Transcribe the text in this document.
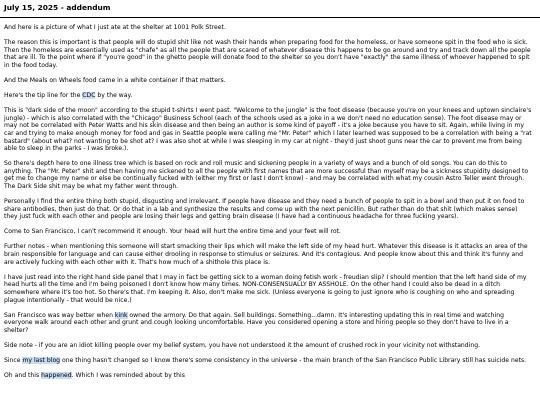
July 15, 2025 - addendum

And here is a picture of what I just ate at the shelter at 1001 Polk Street.

The reason this is important is that people will do stupid shit like not wash their hands when preparing food for the homeless, or have someone spit in the food who is sick. Then the homeless are essentially used as "chafe" as all the people that are scared of whatever disease this happens to be go around and try and track down all the people that are ill. To the point where if "you're good" in the ghetto people will donate food to the shelter so you don't have "exactly" the same illness of whoever happened to spit in the food today.

And the Meals on Wheels food came in a white container if that matters.

Here's the tip line for the CDC by the way.

This is "dark side of the moon" according to the stupid t-shirts I went past. "Welcome to the jungle" is the foot disease (because you're on your knees and uptown sinclaire's jungle) - which is also correlated with the "Chicago" Business School (each of the schools used as a joke in a we don't need no education sense). The foot disease may or may not be correlated with Peter Watts and his skin disease and then being an author is some kind of payoff - it's a joke because you have to sit. Again, while living in my car and trying to make enough money for food and gas in Seattle people were calling me "Mr. Peter" which I later learned was supposed to be a correlation with being a "rat bastard" (about what? not wanting to be shot at? I was also shot at while I was sleeping in my car at night - they'd just shoot guns near the car to prevent me from being able to sleep in the parks - I was broke.).

So there's depth here to one illness tree which is based on rock and roll music and sickening people in a variety of ways and a bunch of old songs. You can do this to anything. The "Mr. Peter" shit and then having me sickened to all the people with first names that are more successful than myself may be a sickness stupidity designed to get me to change my name or else be continually fucked with (either my first or last I don't know) - and may be correlated with what my cousin Astro Teller went through. The Dark Side shit may be what my father went through.

Personally I find the entire thing both stupid, disgusting and irrelevant. If people have disease and they need a bunch of people to spit in a bowl and then put it on food to share antibodies, then just do that. Or do that in a lab and synthesize the results and come up with the next penicillin. But rather than do that shit (which makes sense) they just fuck with each other and people are losing their legs and getting brain disease (I have had a continuous headache for three fucking years).

Come to San Francisco, I can't recommend it enough. Your head will hurt the entire time and your feet will rot.

Further notes - when mentioning this someone will start smacking their lips which will make the left side of my head hurt. Whatever this disease is it attacks an area of the brain responsible for language and can cause either drooling in response to stimulus or seizures. And it's contagious. And people know about this and think it's funny and are actively fucking with each other with it. That's how much of a shithole this place is.

I have just read into the right hand side panel that I may in fact be getting sick to a woman doing fetish work - freudian slip? I should mention that the left hand side of my head hurts all the time and I'm being poisoned I don't know how many times. NON-CONSENSUALLY BY ASSHOLE. On the other hand I could also be dead in a ditch somewhere where it's too hot. So there's that. I'm keeping it. Also, don't make me sick. (Unless everyone is going to just ignore who is coughing on who and spreading plague intentionally - that would be nice.)

San Francisco was way better when kink owned the armory. Do that again. Sell buildings. Something...damn. It's interesting updating this in real time and watching everyone walk around each other and grunt and cough looking uncomfortable. Have you considered opening a store and hiring people so they don't have to live in a shelter?

Side note - if you are an idiot killing people over my belief system, you have not understood it the amount of crushed rock in your vicinity not withstanding.

Since my last blog one thing hasn't changed so I know there's some consistency in the universe - the main branch of the San Francisco Public Library still has suicide nets.

Oh and this happened. Which I was reminded about by this
